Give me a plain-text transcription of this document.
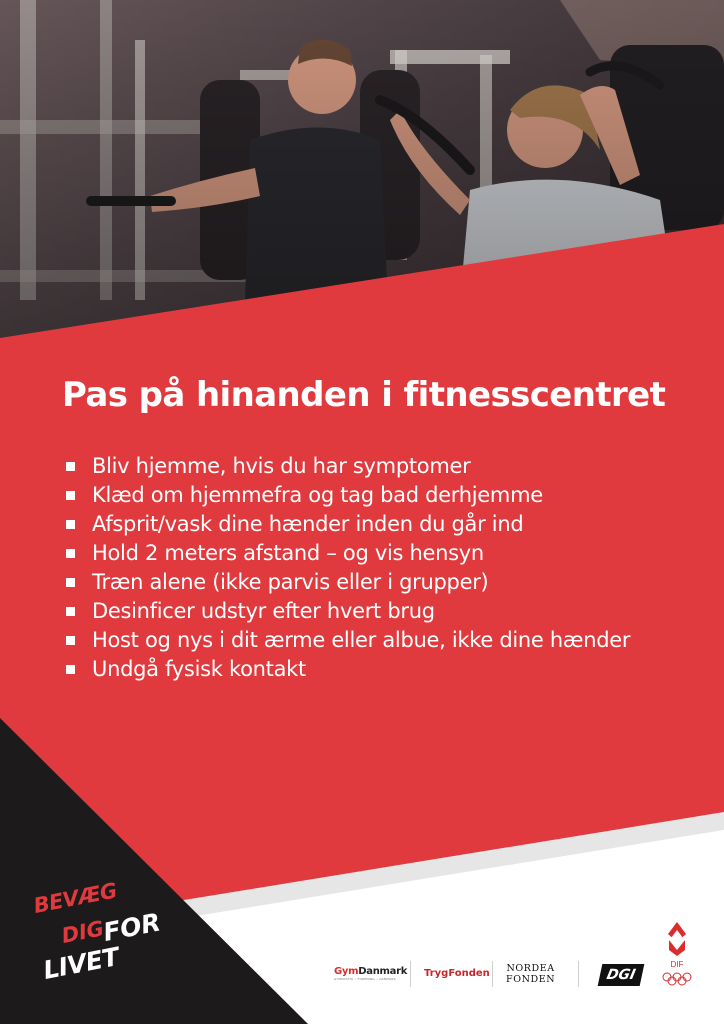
Pas på hinanden i fitnesscentret
Bliv hjemme, hvis du har symptomer
Klæd om hjemmefra og tag bad derhjemme
Afsprit/vask dine hænder inden du går ind
Hold 2 meters afstand – og vis hensyn
Træn alene (ikke parvis eller i grupper)
Desinficer udstyr efter hvert brug
Host og nys i dit ærme eller albue, ikke dine hænder
Undgå fysisk kontakt
BEVÆG
DIG
FOR
LIVET	GymDanmark
GYMNASTIK • FORENING • DANMARK	TrygFonden NORDEA
FONDEN	DGI
DIF
